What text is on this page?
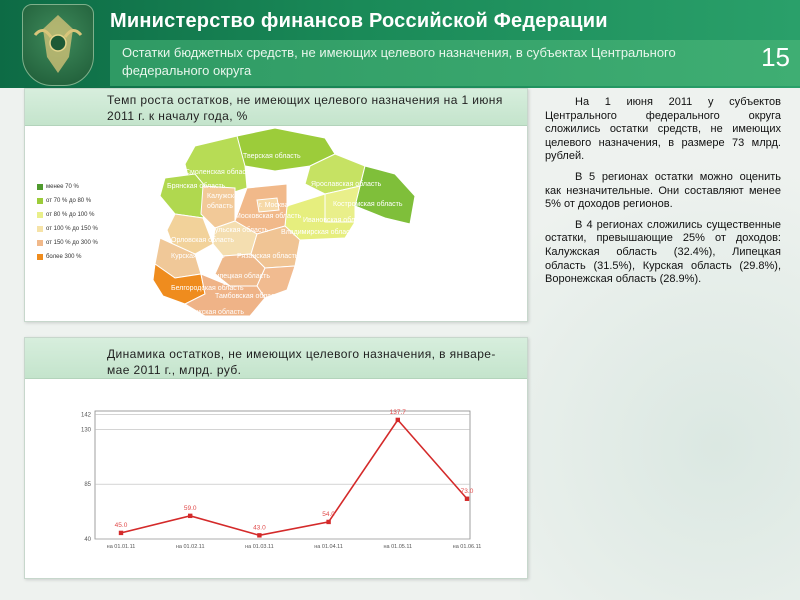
Министерство финансов Российской Федерации
Остатки бюджетных средств, не имеющих целевого назначения, в субъектах Центрального федерального округа	15
Темп роста остатков, не имеющих целевого назначения на 1 июня 2011 г. к началу года, %
Тверская область
Смоленская область
Ярославская область
Брянская область
Калужская
область	г. Москва
Московская область
Костромская область
Ивановская область
Владимирская область
Тульская область
Орловская область
Курская область Рязанская область
Липецкая область
Белгородская область
Тамбовская область
Воронежская область
менее 70 %
от 70 % до 80 %
от 80 % до 100 %
от 100 % до 150 %
от 150 % до 300 %
более 300 %
Динамика остатков, не имеющих целевого назначения, в январе-мае 2011 г., млрд. руб.
40
85
130
142
45.0
на 01.01.11
59.0
на 01.02.11
43.0
на 01.03.11
54.0
на 01.04.11
137.7
на 01.05.11
73.0
на 01.06.11

На 1 июня 2011 у субъектов Центрального федерального округа сложились остатки средств, не имеющих целевого назначения, в размере 73 млрд. рублей.

В 5 регионах остатки можно оценить как незначительные. Они составляют менее 5% от доходов регионов.

В 4 регионах сложились существенные остатки, превышающие 25% от доходов: Калужская область (32.4%), Липецкая область (31.5%), Курская область (29.8%), Воронежская область (28.9%).
